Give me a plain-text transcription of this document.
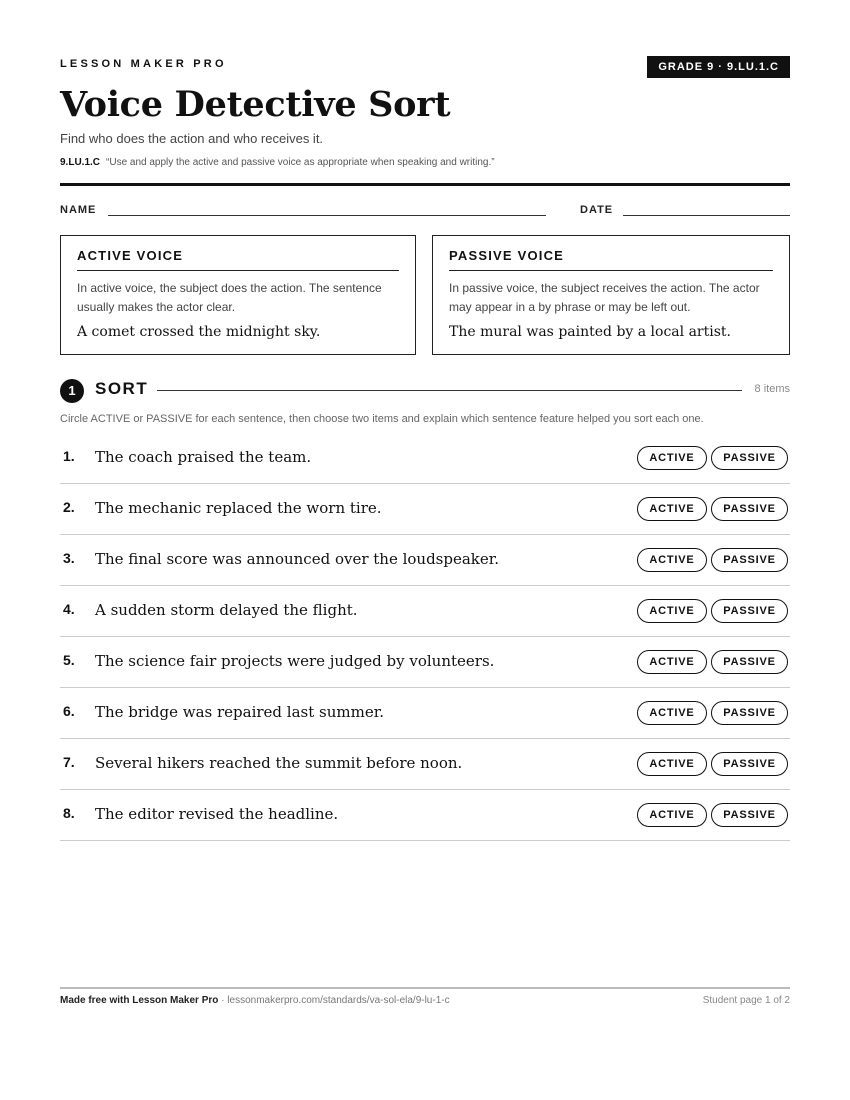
LESSON MAKER PRO	GRADE 9 · 9.LU.1.C
Voice Detective Sort
Find who does the action and who receives it.
9.LU.1.C “Use and apply the active and passive voice as appropriate when speaking and writing.”
NAME	DATE
ACTIVE VOICE
In active voice, the subject does the action. The sentence usually makes the actor clear.
A comet crossed the midnight sky.
PASSIVE VOICE
In passive voice, the subject receives the action. The actor may appear in a by phrase or may be left out.
The mural was painted by a local artist.
1	SORT	8 items
Circle ACTIVE or PASSIVE for each sentence, then choose two items and explain which sentence feature helped you sort each one.
1. The coach praised the team.	ACTIVE	PASSIVE
2. The mechanic replaced the worn tire.	ACTIVE	PASSIVE
3. The final score was announced over the loudspeaker.	ACTIVE	PASSIVE
4. A sudden storm delayed the flight.	ACTIVE	PASSIVE
5. The science fair projects were judged by volunteers.	ACTIVE	PASSIVE
6. The bridge was repaired last summer.	ACTIVE	PASSIVE
7. Several hikers reached the summit before noon.	ACTIVE	PASSIVE
8. The editor revised the headline.	ACTIVE	PASSIVE
Made free with Lesson Maker Pro · lessonmakerpro.com/standards/va-sol-ela/9-lu-1-c	Student page 1 of 2
